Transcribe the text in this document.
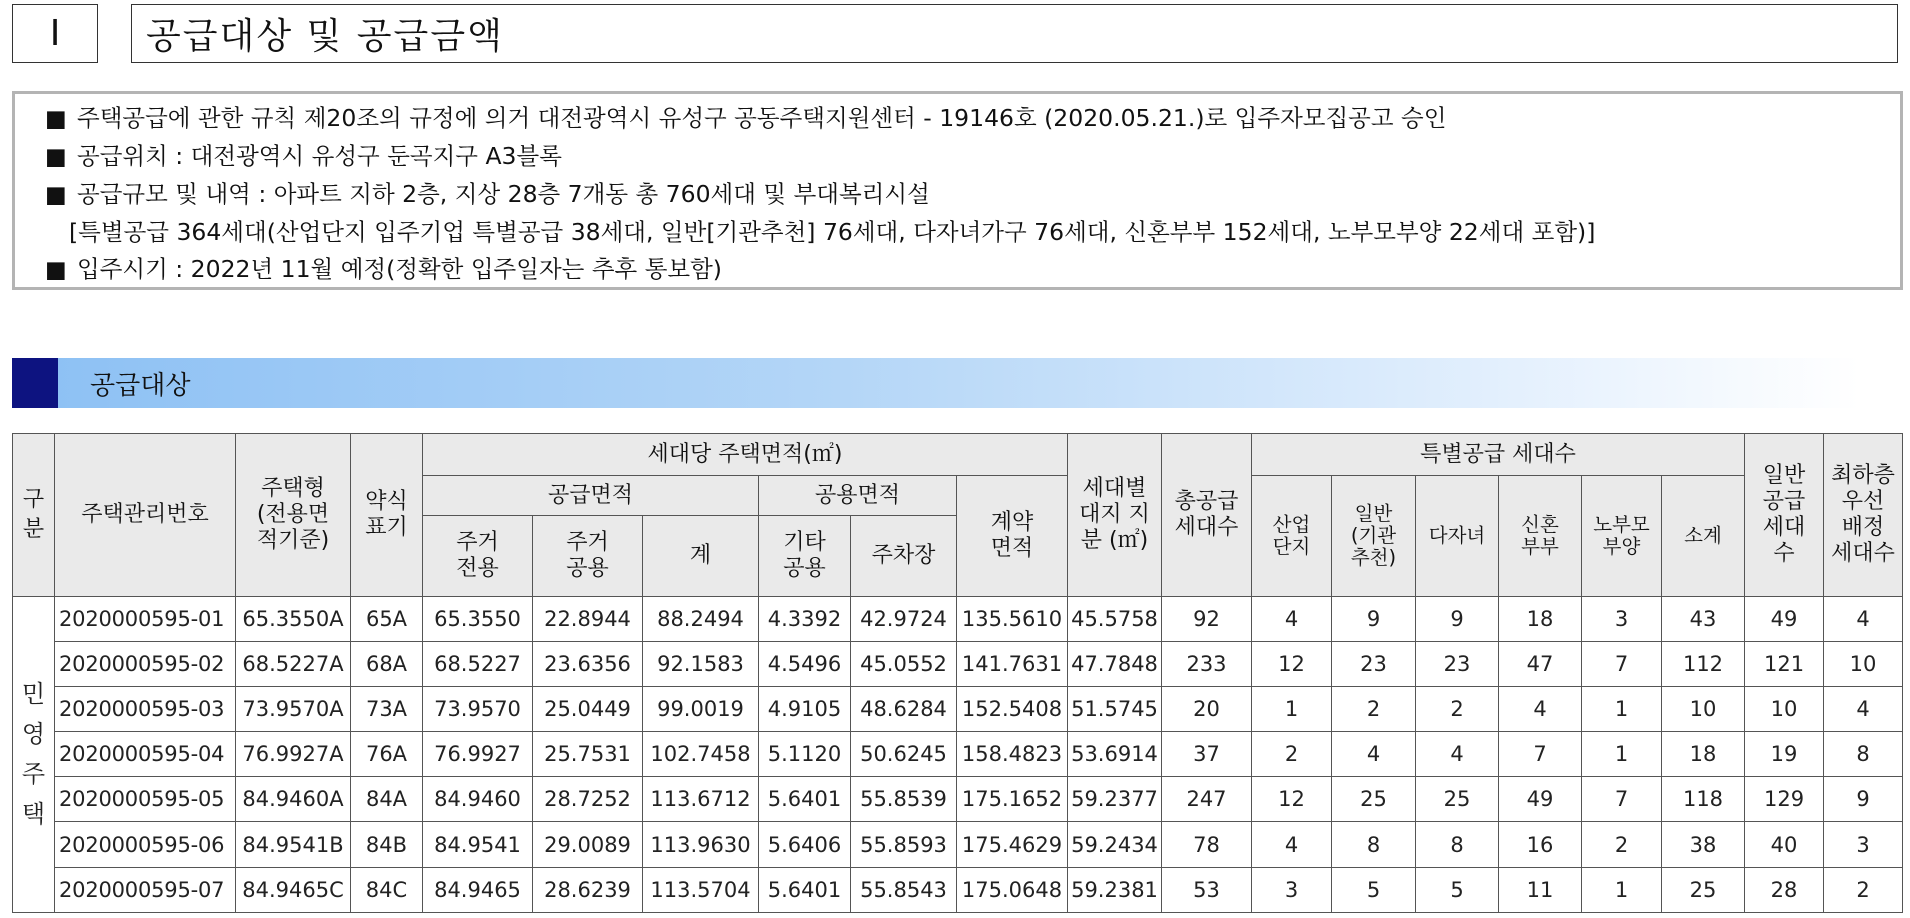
I 공급대상 및 공급금액
■ 주택공급에 관한 규칙 제20조의 규정에 의거 대전광역시 유성구 공동주택지원센터 - 19146호 (2020.05.21.)로 입주자모집공고 승인
■ 공급위치 : 대전광역시 유성구 둔곡지구 A3블록
■ 공급규모 및 내역 : 아파트 지하 2층, 지상 28층 7개동 총 760세대 및 부대복리시설
[특별공급 364세대(산업단지 입주기업 특별공급 38세대, 일반[기관추천] 76세대, 다자녀가구 76세대, 신혼부부 152세대, 노부모부양 22세대 포함)]
■ 입주시기 : 2022년 11월 예정(정확한 입주일자는 추후 통보함)
공급대상
구분	주택관리번호	주택형 (전용면 적기준)	약식 표기	세대당 주택면적(㎡)						세대별 대지 지분 (㎡)	총공급 세대수	특별공급 세대수						일반 공급 세대수	최하층 우선 배정 세대수
				공급면적			공용면적		계약 면적			산업 단지	일반 (기관 추천)	다자녀	신혼 부부	노부모 부양	소계		
				주거 전용	주거 공용	계	기타 공용	주차장											
민 영 주 택	2020000595-01	65.3550A	65A	65.3550	22.8944	88.2494	4.3392	42.9724	135.5610	45.5758	92	4	9	9	18	3	43	49	4
	2020000595-02	68.5227A	68A	68.5227	23.6356	92.1583	4.5496	45.0552	141.7631	47.7848	233	12	23	23	47	7	112	121	10
	2020000595-03	73.9570A	73A	73.9570	25.0449	99.0019	4.9105	48.6284	152.5408	51.5745	20	1	2	2	4	1	10	10	4
	2020000595-04	76.9927A	76A	76.9927	25.7531	102.7458	5.1120	50.6245	158.4823	53.6914	37	2	4	4	7	1	18	19	8
	2020000595-05	84.9460A	84A	84.9460	28.7252	113.6712	5.6401	55.8539	175.1652	59.2377	247	12	25	25	49	7	118	129	9
	2020000595-06	84.9541B	84B	84.9541	29.0089	113.9630	5.6406	55.8593	175.4629	59.2434	78	4	8	8	16	2	38	40	3
	2020000595-07	84.9465C	84C	84.9465	28.6239	113.5704	5.6401	55.8543	175.0648	59.2381	53	3	5	5	11	1	25	28	2
